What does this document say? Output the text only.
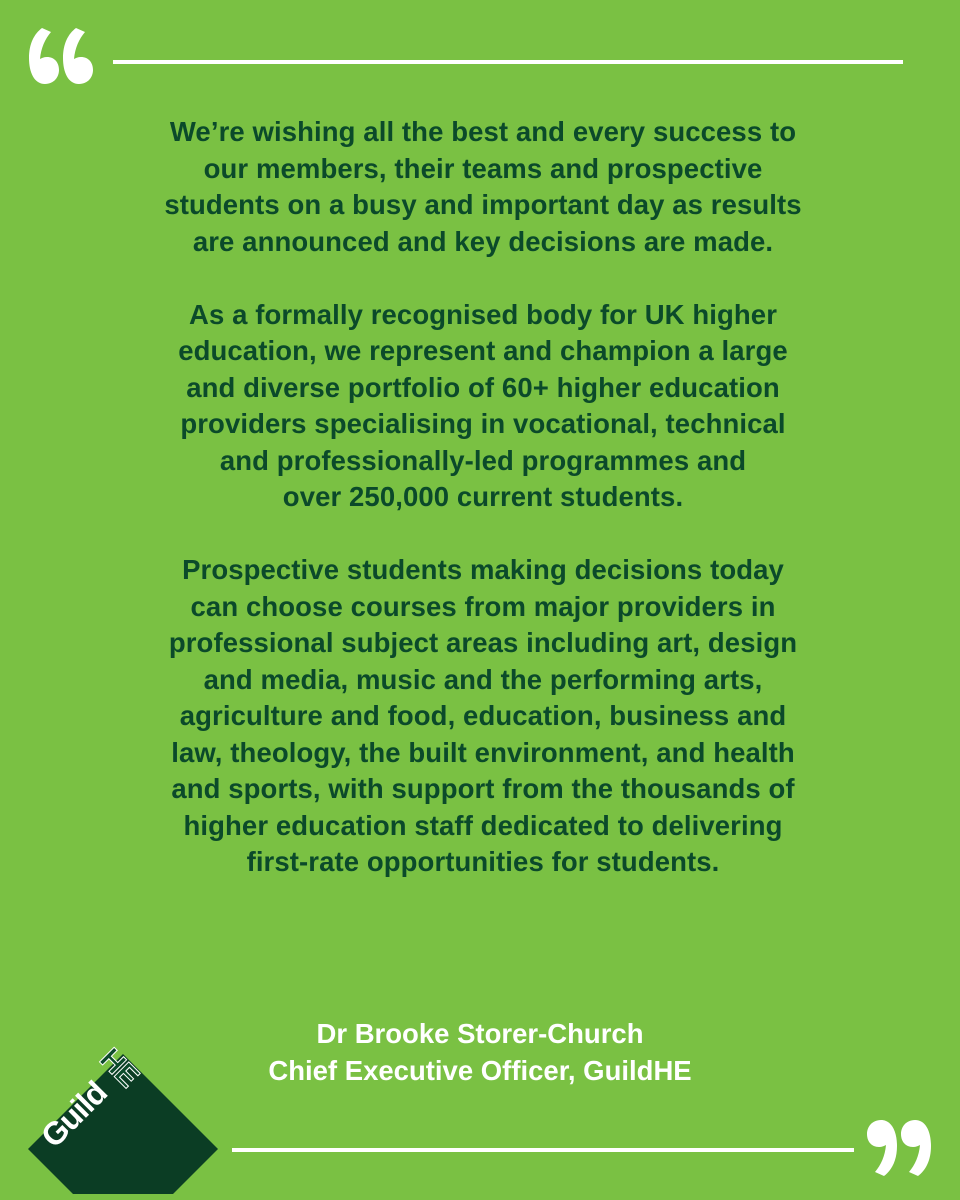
We’re wishing all the best and every success to
our members, their teams and prospective
students on a busy and important day as results
are announced and key decisions are made.

As a formally recognised body for UK higher
education, we represent and champion a large
and diverse portfolio of 60+ higher education
providers specialising in vocational, technical
and professionally-led programmes and
over 250,000 current students.

Prospective students making decisions today
can choose courses from major providers in
professional subject areas including art, design
and media, music and the performing arts,
agriculture and food, education, business and
law, theology, the built environment, and health
and sports, with support from the thousands of
higher education staff dedicated to delivering
first-rate opportunities for students.

Dr Brooke Storer-Church
Chief Executive Officer, GuildHE
GuildHE
